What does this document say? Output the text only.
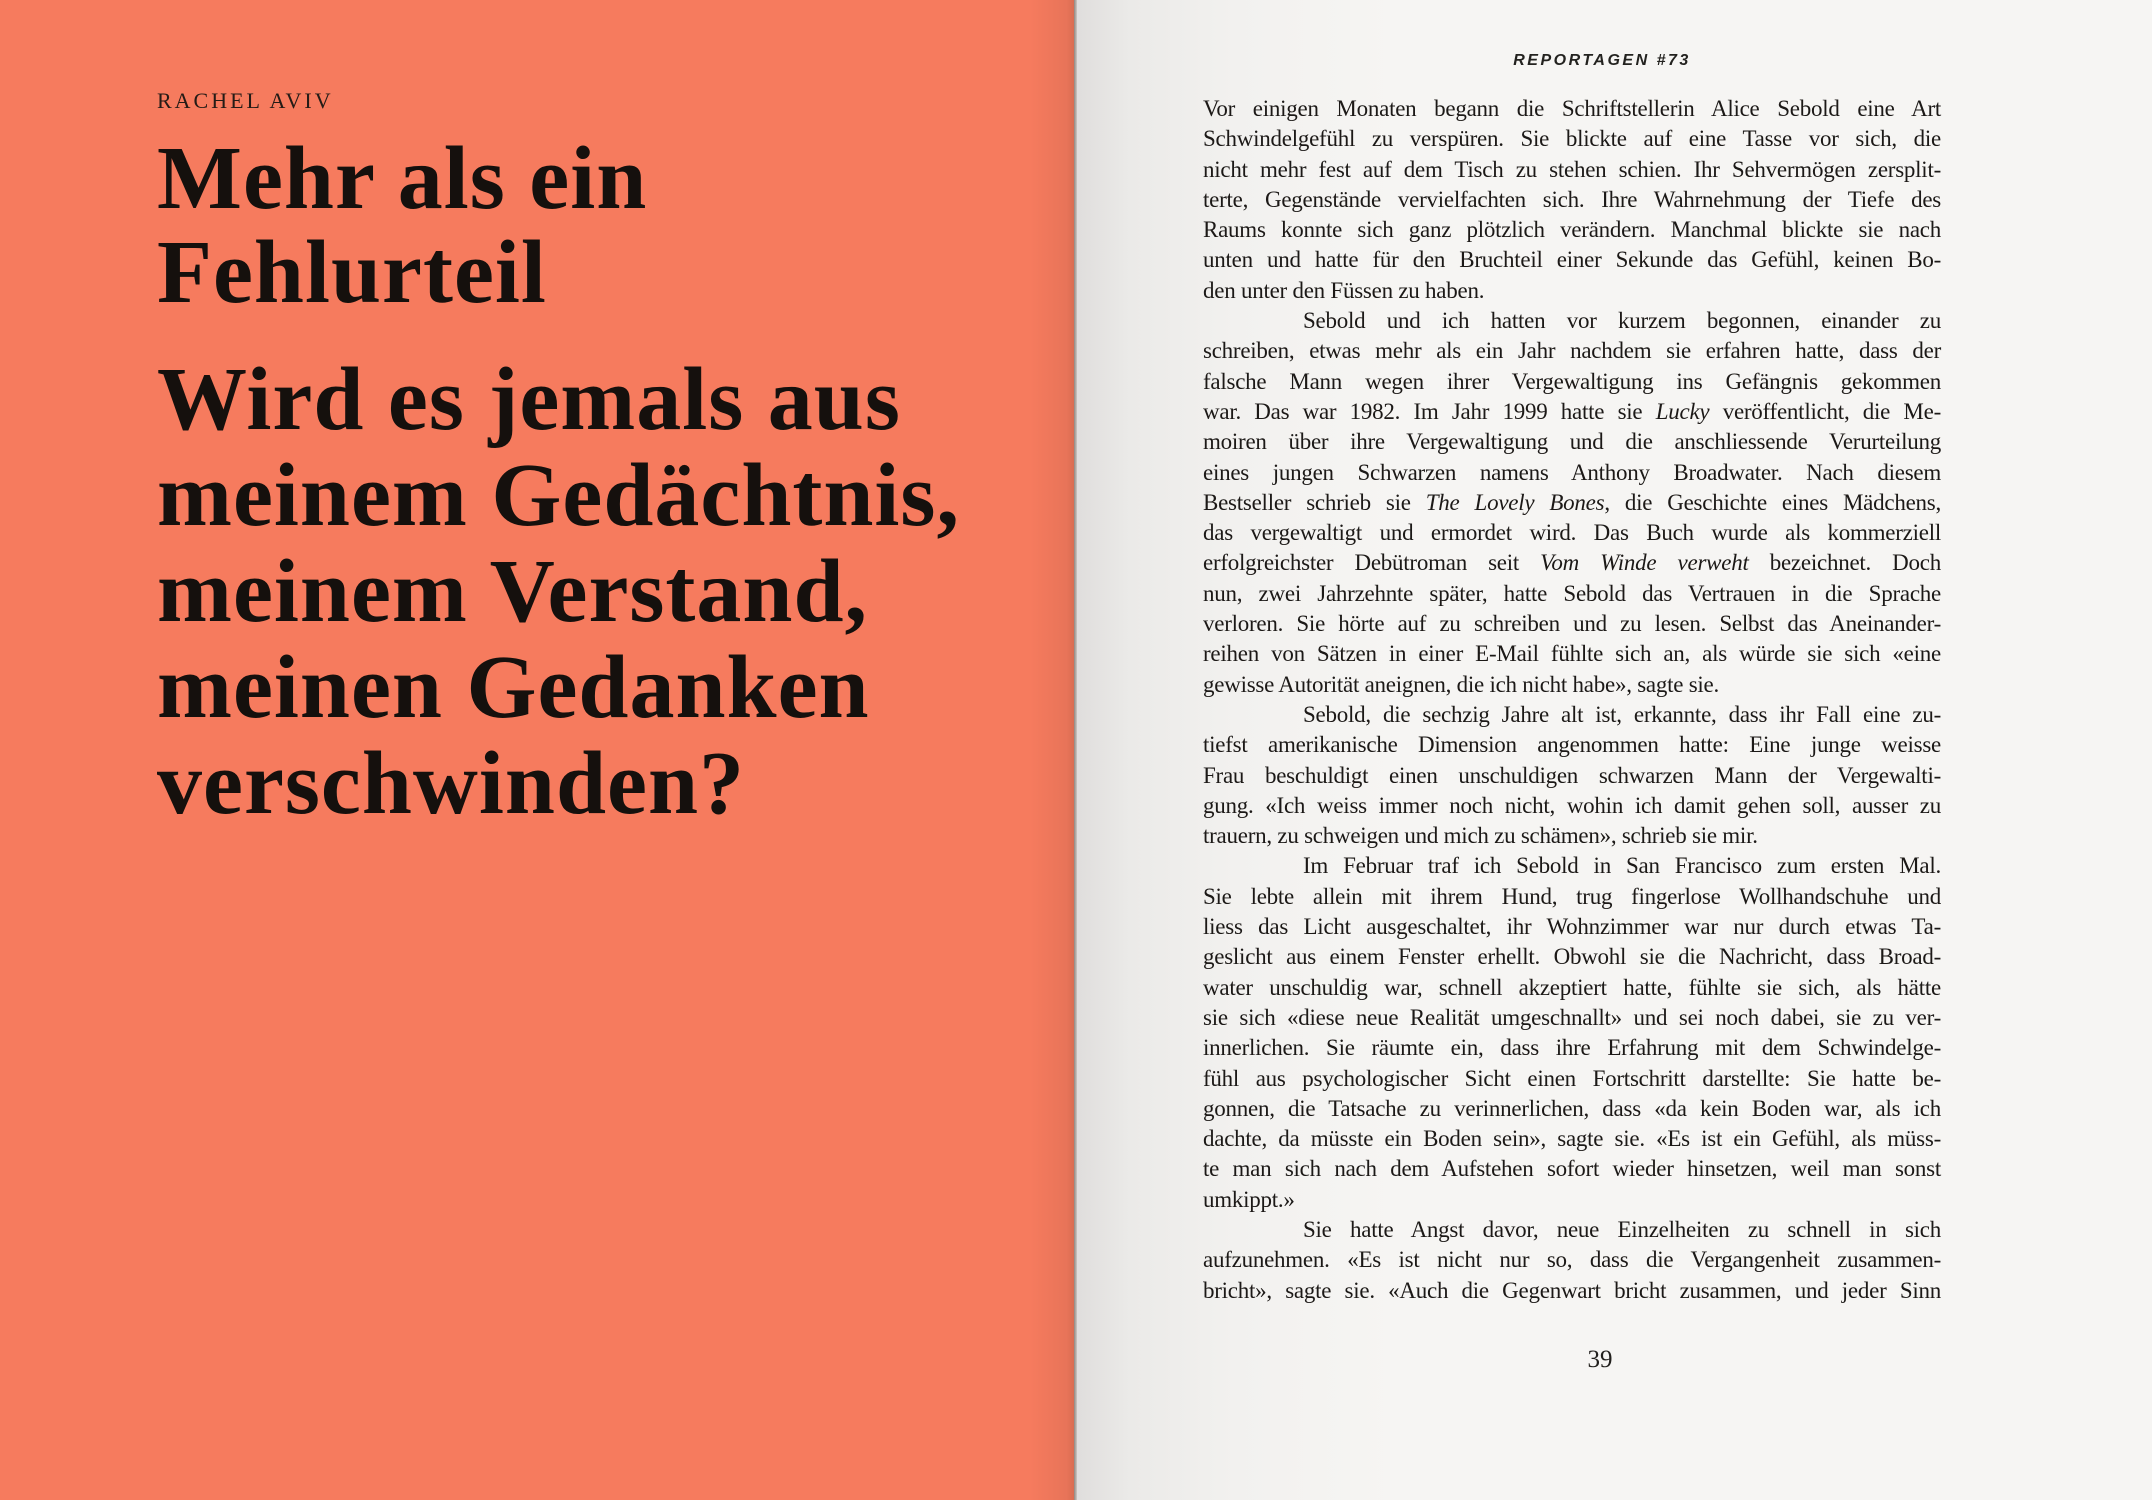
RACHEL AVIV
Mehr als ein
Fehlurteil
Wird es jemals aus
meinem Gedächtnis,
meinem Verstand,
meinen Gedanken
verschwinden?
REPORTAGEN #73
Vor einigen Monaten begann die Schriftstellerin Alice Sebold eine Art
Schwindelgefühl zu verspüren. Sie blickte auf eine Tasse vor sich, die
nicht mehr fest auf dem Tisch zu stehen schien. Ihr Sehvermögen zersplit-
terte, Gegenstände vervielfachten sich. Ihre Wahrnehmung der Tiefe des
Raums konnte sich ganz plötzlich verändern. Manchmal blickte sie nach
unten und hatte für den Bruchteil einer Sekunde das Gefühl, keinen Bo-
den unter den Füssen zu haben.
Sebold und ich hatten vor kurzem begonnen, einander zu
schreiben, etwas mehr als ein Jahr nachdem sie erfahren hatte, dass der
falsche Mann wegen ihrer Vergewaltigung ins Gefängnis gekommen
war. Das war 1982. Im Jahr 1999 hatte sie Lucky veröffentlicht, die Me-
moiren über ihre Vergewaltigung und die anschliessende Verurteilung
eines jungen Schwarzen namens Anthony Broadwater. Nach diesem
Bestseller schrieb sie The Lovely Bones, die Geschichte eines Mädchens,
das vergewaltigt und ermordet wird. Das Buch wurde als kommerziell
erfolgreichster Debütroman seit Vom Winde verweht bezeichnet. Doch
nun, zwei Jahrzehnte später, hatte Sebold das Vertrauen in die Sprache
verloren. Sie hörte auf zu schreiben und zu lesen. Selbst das Aneinander-
reihen von Sätzen in einer E-Mail fühlte sich an, als würde sie sich «eine
gewisse Autorität aneignen, die ich nicht habe», sagte sie.
Sebold, die sechzig Jahre alt ist, erkannte, dass ihr Fall eine zu-
tiefst amerikanische Dimension angenommen hatte: Eine junge weisse
Frau beschuldigt einen unschuldigen schwarzen Mann der Vergewalti-
gung. «Ich weiss immer noch nicht, wohin ich damit gehen soll, ausser zu
trauern, zu schweigen und mich zu schämen», schrieb sie mir.
Im Februar traf ich Sebold in San Francisco zum ersten Mal.
Sie lebte allein mit ihrem Hund, trug fingerlose Wollhandschuhe und
liess das Licht ausgeschaltet, ihr Wohnzimmer war nur durch etwas Ta-
geslicht aus einem Fenster erhellt. Obwohl sie die Nachricht, dass Broad-
water unschuldig war, schnell akzeptiert hatte, fühlte sie sich, als hätte
sie sich «diese neue Realität umgeschnallt» und sei noch dabei, sie zu ver-
innerlichen. Sie räumte ein, dass ihre Erfahrung mit dem Schwindelge-
fühl aus psychologischer Sicht einen Fortschritt darstellte: Sie hatte be-
gonnen, die Tatsache zu verinnerlichen, dass «da kein Boden war, als ich
dachte, da müsste ein Boden sein», sagte sie. «Es ist ein Gefühl, als müss-
te man sich nach dem Aufstehen sofort wieder hinsetzen, weil man sonst
umkippt.»
Sie hatte Angst davor, neue Einzelheiten zu schnell in sich
aufzunehmen. «Es ist nicht nur so, dass die Vergangenheit zusammen-
bricht», sagte sie. «Auch die Gegenwart bricht zusammen, und jeder Sinn
39
